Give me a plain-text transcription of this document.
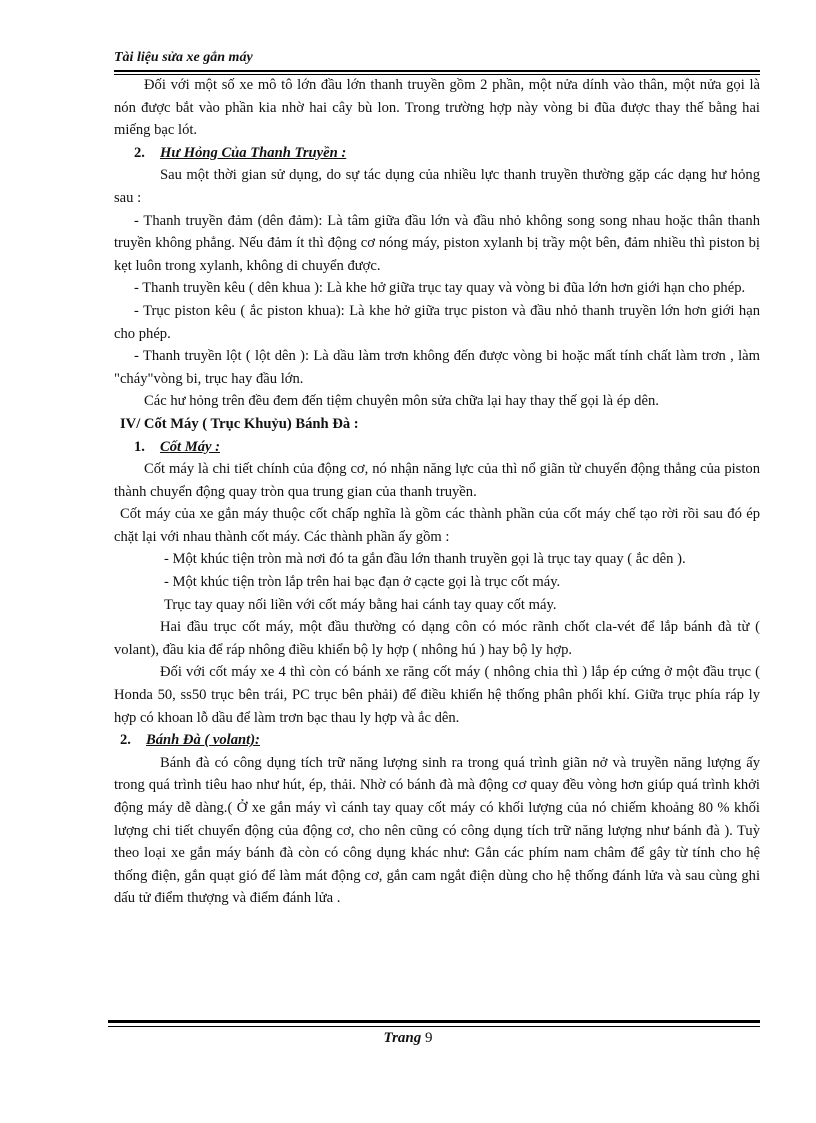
Tài liệu sửa xe gắn máy

Đối với một số xe mô tô lớn đầu lớn thanh truyền gồm 2 phần, một nửa dính vào thân, một nửa gọi là nón được bắt vào phần kia nhờ hai cây bù lon. Trong trường hợp này vòng bi đũa được thay thế bằng hai miếng bạc lót.

2. Hư Hỏng Của Thanh Truyền :

Sau một thời gian sử dụng, do sự tác dụng của nhiều lực thanh truyền thường gặp các dạng hư hỏng sau :

- Thanh truyền đảm (dên đảm): Là tâm giữa đầu lớn và đầu nhỏ không song song nhau hoặc thân thanh truyền không phẳng. Nếu đảm ít thì động cơ nóng máy, piston xylanh bị trầy một bên, đảm nhiều thì piston bị kẹt luôn trong xylanh, không di chuyển được.

- Thanh truyền kêu ( dên khua ): Là khe hở giữa trục tay quay và vòng bi đũa lớn hơn giới hạn cho phép.

- Trục piston kêu ( ắc piston khua): Là khe hở giữa trục piston và đầu nhỏ thanh truyền lớn hơn giới hạn cho phép.

- Thanh truyền lột ( lột dên ): Là dầu làm trơn không đến được vòng bi hoặc mất tính chất làm trơn , làm "cháy"vòng bi, trục hay đầu lớn.

Các hư hỏng trên đều đem đến tiệm chuyên môn sửa chữa lại hay thay thế gọi là ép dên.

IV/ Cốt Máy ( Trục Khuỷu) Bánh Đà :

1. Cốt Máy :

Cốt máy là chi tiết chính của động cơ, nó nhận năng lực của thì nổ giãn từ chuyển động thẳng của piston thành chuyển động quay tròn qua trung gian của thanh truyền.

Cốt máy của xe gắn máy thuộc cốt chấp nghĩa là gồm các thành phần của cốt máy chế tạo rời rồi sau đó ép chặt lại với nhau thành cốt máy. Các thành phần ấy gồm :

- Một khúc tiện tròn mà nơi đó ta gắn đầu lớn thanh truyền gọi là trục tay quay ( ắc dên ).

- Một khúc tiện tròn lắp trên hai bạc đạn ở cạcte gọi là trục cốt máy.

Trục tay quay nối liền với cốt máy bằng hai cánh tay quay cốt máy.

Hai đầu trục cốt máy, một đầu thường có dạng côn có móc rãnh chốt cla-vét để lắp bánh đà từ ( volant), đầu kia để ráp nhông điều khiển bộ ly hợp ( nhông hú ) hay bộ ly hợp.

Đối với cốt máy xe 4 thì còn có bánh xe răng cốt máy ( nhông chia thì ) lắp ép cứng ở một đầu trục ( Honda 50, ss50 trục bên trái, PC trục bên phải) để điều khiển hệ thống phân phối khí. Giữa trục phía ráp ly hợp có khoan lỗ dầu để làm trơn bạc thau ly hợp và ắc dên.

2. Bánh Đà ( volant):

Bánh đà có công dụng tích trữ năng lượng sinh ra trong quá trình giãn nở và truyền năng lượng ấy trong quá trình tiêu hao như hút, ép, thải. Nhờ có bánh đà mà động cơ quay đều vòng hơn giúp quá trình khởi động máy dễ dàng.( Ở xe gắn máy vì cánh tay quay cốt máy có khối lượng của nó chiếm khoảng 80 % khối lượng chi tiết chuyển động của động cơ, cho nên cũng có công dụng tích trữ năng lượng như bánh đà ). Tuỳ theo loại xe gắn máy bánh đà còn có công dụng khác như: Gắn các phím nam châm để gây từ tính cho hệ thống điện, gắn quạt gió để làm mát động cơ, gắn cam ngắt điện dùng cho hệ thống đánh lửa và sau cùng ghi dấu tử điểm thượng và điểm đánh lửa .

Trang 9
